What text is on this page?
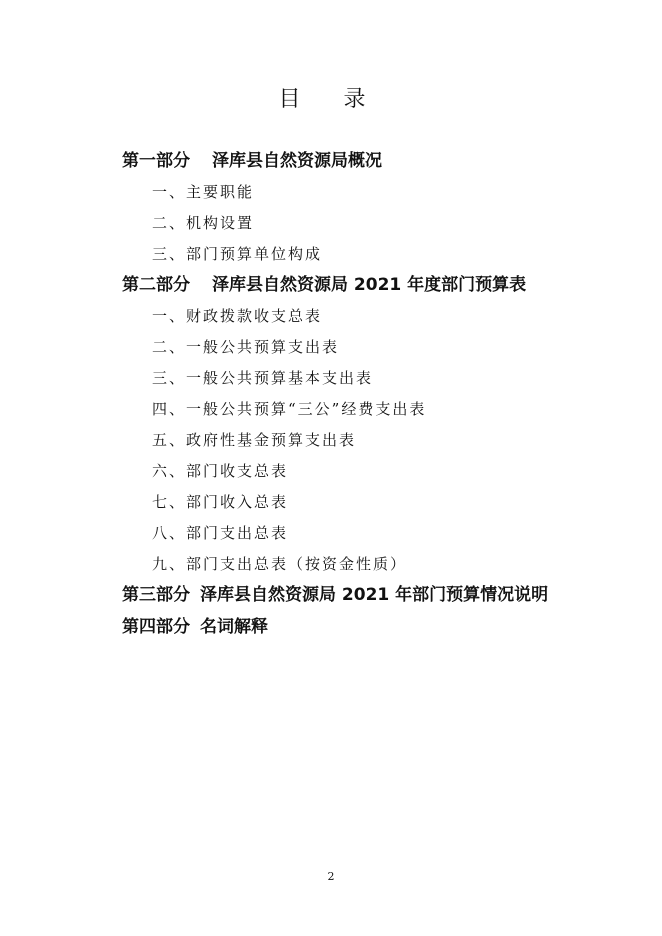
目 录
第一部分 泽库县自然资源局概况
一、主要职能
二、机构设置
三、部门预算单位构成
第二部分 泽库县自然资源局 2021 年度部门预算表
一、财政拨款收支总表
二、一般公共预算支出表
三、一般公共预算基本支出表
四、一般公共预算“三公”经费支出表
五、政府性基金预算支出表
六、部门收支总表
七、部门收入总表
八、部门支出总表
九、部门支出总表（按资金性质）
第三部分 泽库县自然资源局 2021 年部门预算情况说明
第四部分 名词解释
2
